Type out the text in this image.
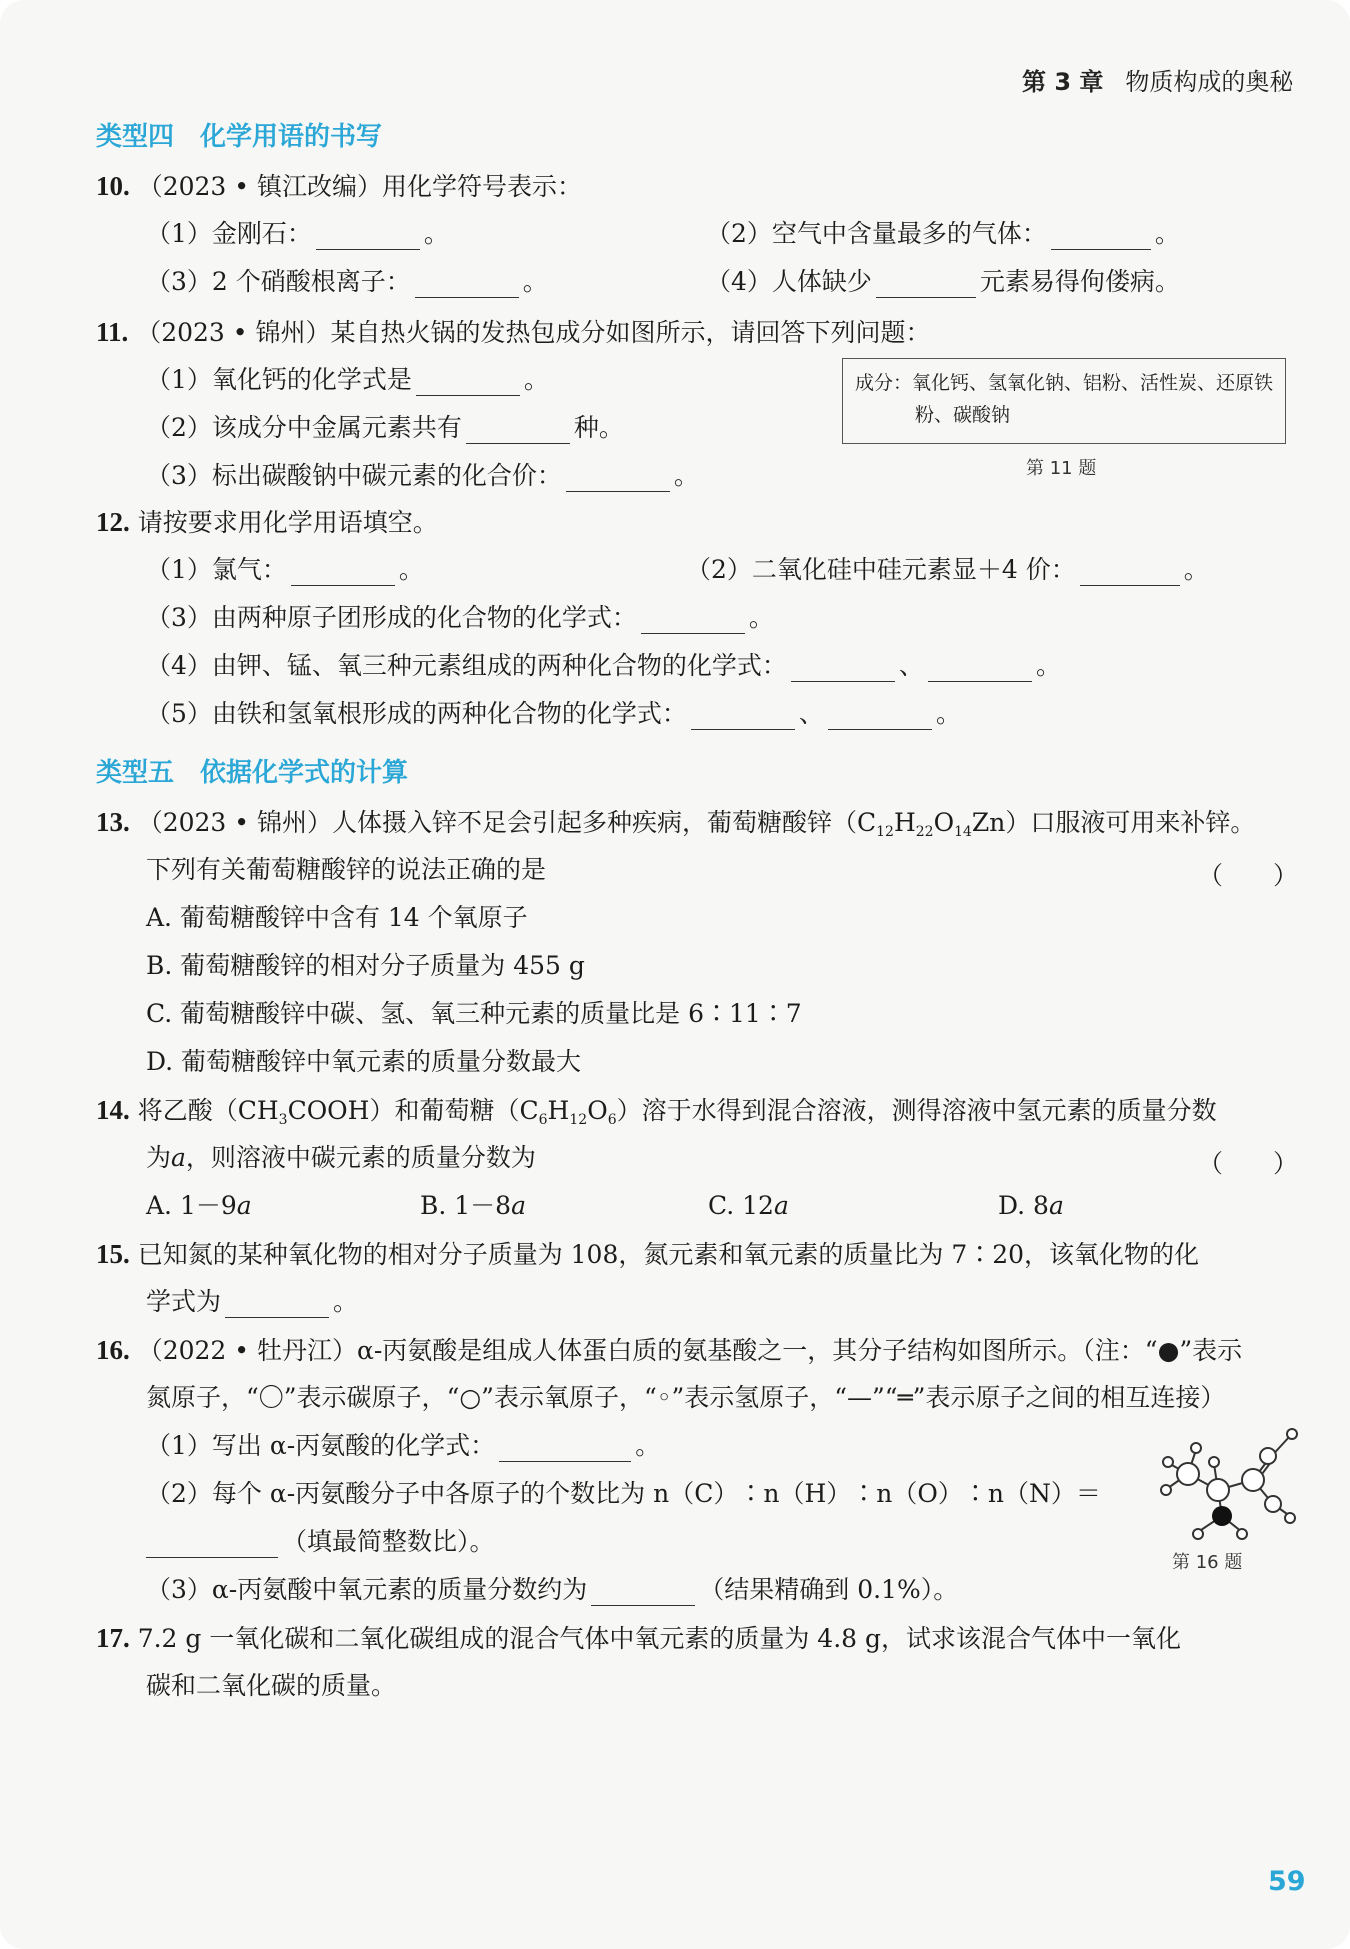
第 3 章 物质构成的奥秘
类型四　化学用语的书写
10. （2023 • 镇江改编）用化学符号表示：
（1）金刚石：	。	（2）空气中含量最多的气体：	。
（3）2 个硝酸根离子：	。	（4）人体缺少	元素易得佝偻病。
11. （2023 • 锦州）某自热火锅的发热包成分如图所示，请回答下列问题：
（1）氧化钙的化学式是	。
（2）该成分中金属元素共有	种。
（3）标出碳酸钠中碳元素的化合价：	。
成分：氧化钙、氢氧化钠、铝粉、活性炭、还原铁
粉、碳酸钠
第 11 题
12. 请按要求用化学用语填空。
（1）氯气：	。	（2）二氧化硅中硅元素显＋4 价：	。
（3）由两种原子团形成的化合物的化学式：	。
（4）由钾、锰、氧三种元素组成的两种化合物的化学式：	、	。
（5）由铁和氢氧根形成的两种化合物的化学式：	、	。
类型五　依据化学式的计算
13. （2023 • 锦州）人体摄入锌不足会引起多种疾病，葡萄糖酸锌$(C_{12}H_{22}O_{14}Zn)$口服液可用来补锌。
下列有关葡萄糖酸锌的说法正确的是	（　　）
A. 葡萄糖酸锌中含有 14 个氧原子
B. 葡萄糖酸锌的相对分子质量为 455 g
C. 葡萄糖酸锌中碳、氢、氧三种元素的质量比是 6∶11∶7
D. 葡萄糖酸锌中氧元素的质量分数最大
14. 将乙酸$(CH_3COOH)$和葡萄糖$(C_6H_{12}O_6)$溶于水得到混合溶液，测得溶液中氢元素的质量分数
为a，则溶液中碳元素的质量分数为	（　　）
A. 1－9a	B. 1－8a	C. 12a	D. 8a
15. 已知氮的某种氧化物的相对分子质量为 108，氮元素和氧元素的质量比为 7∶20，该氧化物的化
学式为	。
16. （2022 • 牡丹江）α-丙氨酸是组成人体蛋白质的氨基酸之一，其分子结构如图所示。（注：“●”表示
氮原子，“〇”表示碳原子，“○”表示氧原子，“◦”表示氢原子，“—”“═”表示原子之间的相互连接）
（1）写出 α-丙氨酸的化学式：	。
（2）每个 α-丙氨酸分子中各原子的个数比为 n（C）∶n（H）∶n（O）∶n（N）＝
（填最简整数比）。
（3）α-丙氨酸中氧元素的质量分数约为	（结果精确到 0.1%）。
第 16 题
17. 7.2 g 一氧化碳和二氧化碳组成的混合气体中氧元素的质量为 4.8 g，试求该混合气体中一氧化
碳和二氧化碳的质量。
59
